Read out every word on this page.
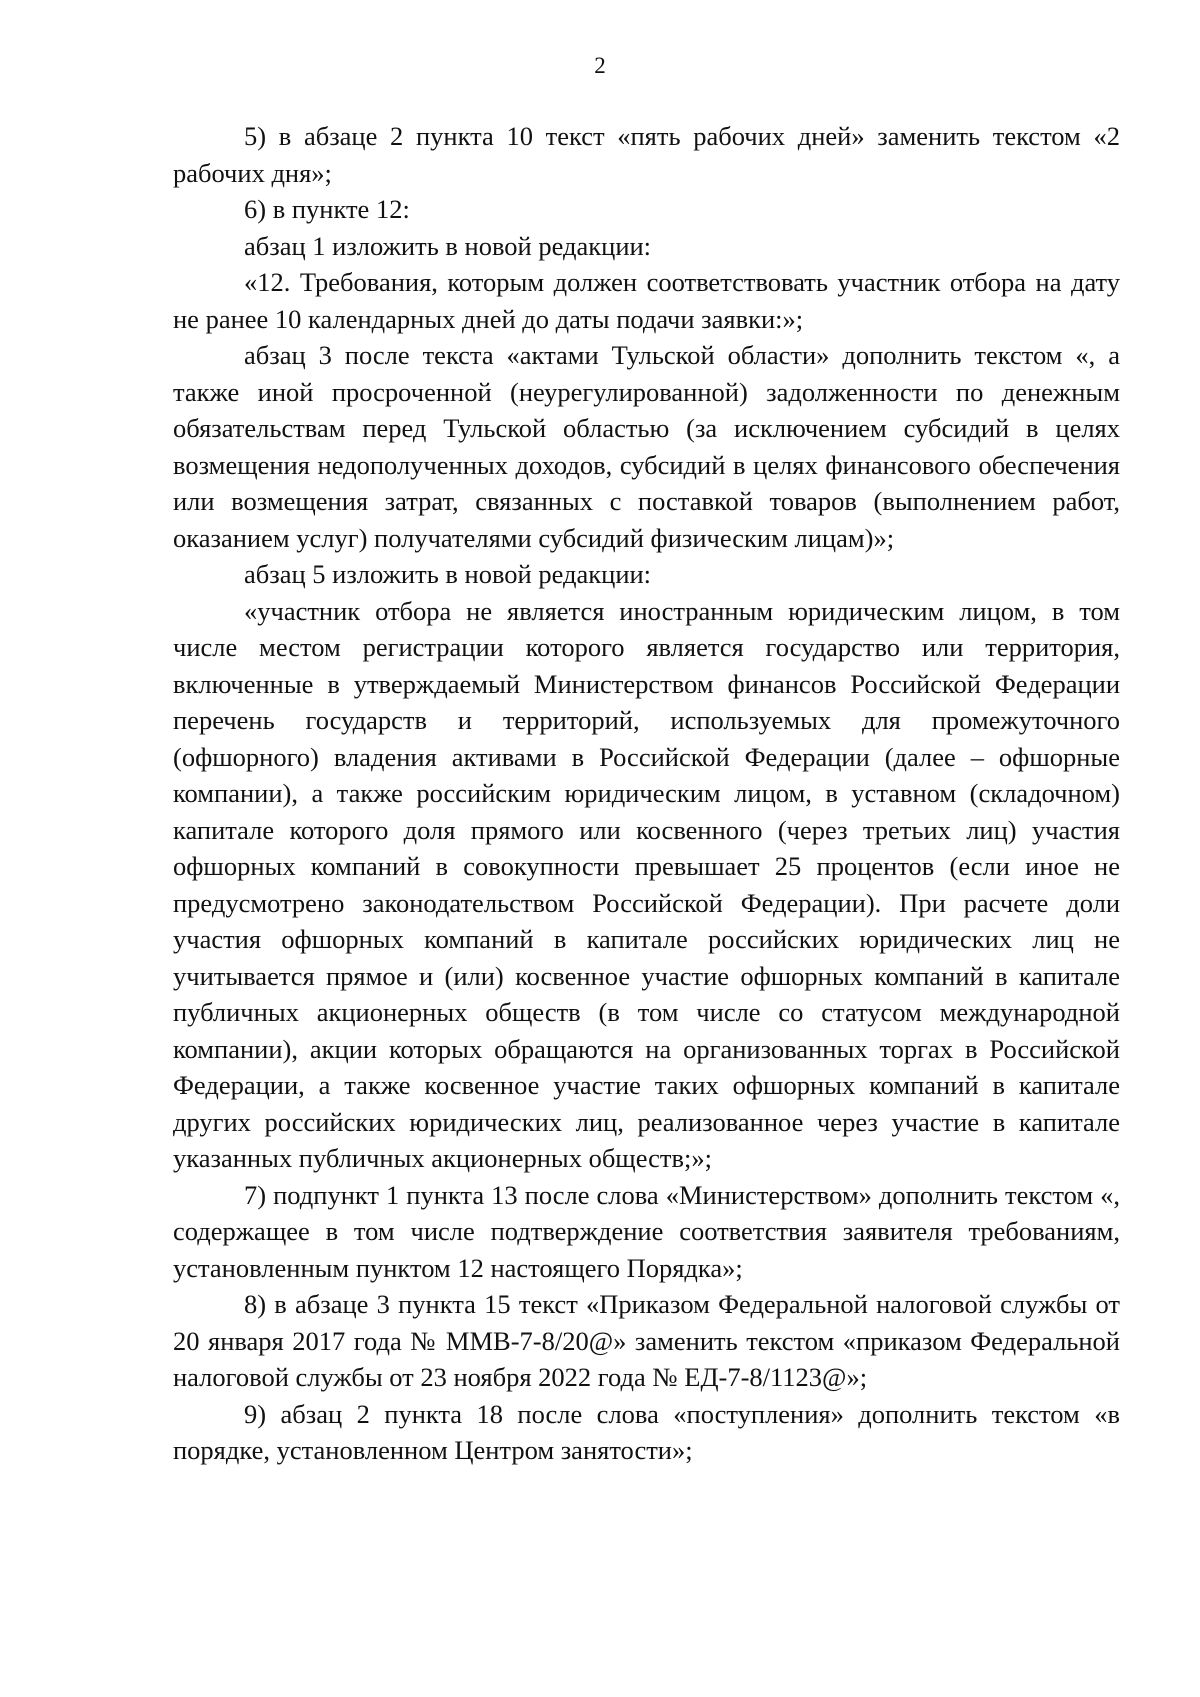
2

5) в абзаце 2 пункта 10 текст «пять рабочих дней» заменить текстом «2 рабочих дня»;

6) в пункте 12:

абзац 1 изложить в новой редакции:

«12. Требования, которым должен соответствовать участник отбора на дату не ранее 10 календарных дней до даты подачи заявки:»;

абзац 3 после текста «актами Тульской области» дополнить текстом «, а также иной просроченной (неурегулированной) задолженности по денежным обязательствам перед Тульской областью (за исключением субсидий в целях возмещения недополученных доходов, субсидий в целях финансового обеспечения или возмещения затрат, связанных с поставкой товаров (выполнением работ, оказанием услуг) получателями субсидий физическим лицам)»;

абзац 5 изложить в новой редакции:

«участник отбора не является иностранным юридическим лицом, в том числе местом регистрации которого является государство или территория, включенные в утверждаемый Министерством финансов Российской Федерации перечень государств и территорий, используемых для промежуточного (офшорного) владения активами в Российской Федерации (далее – офшорные компании), а также российским юридическим лицом, в уставном (складочном) капитале которого доля прямого или косвенного (через третьих лиц) участия офшорных компаний в совокупности превышает 25 процентов (если иное не предусмотрено законодательством Российской Федерации). При расчете доли участия офшорных компаний в капитале российских юридических лиц не учитывается прямое и (или) косвенное участие офшорных компаний в капитале публичных акционерных обществ (в том числе со статусом международной компании), акции которых обращаются на организованных торгах в Российской Федерации, а также косвенное участие таких офшорных компаний в капитале других российских юридических лиц, реализованное через участие в капитале указанных публичных акционерных обществ;»;

7) подпункт 1 пункта 13 после слова «Министерством» дополнить текстом «, содержащее в том числе подтверждение соответствия заявителя требованиям, установленным пунктом 12 настоящего Порядка»;

8) в абзаце 3 пункта 15 текст «Приказом Федеральной налоговой службы от 20 января 2017 года № ММВ-7-8/20@» заменить текстом «приказом Федеральной налоговой службы от 23 ноября 2022 года № ЕД-7-8/1123@»;

9) абзац 2 пункта 18 после слова «поступления» дополнить текстом «в порядке, установленном Центром занятости»;
